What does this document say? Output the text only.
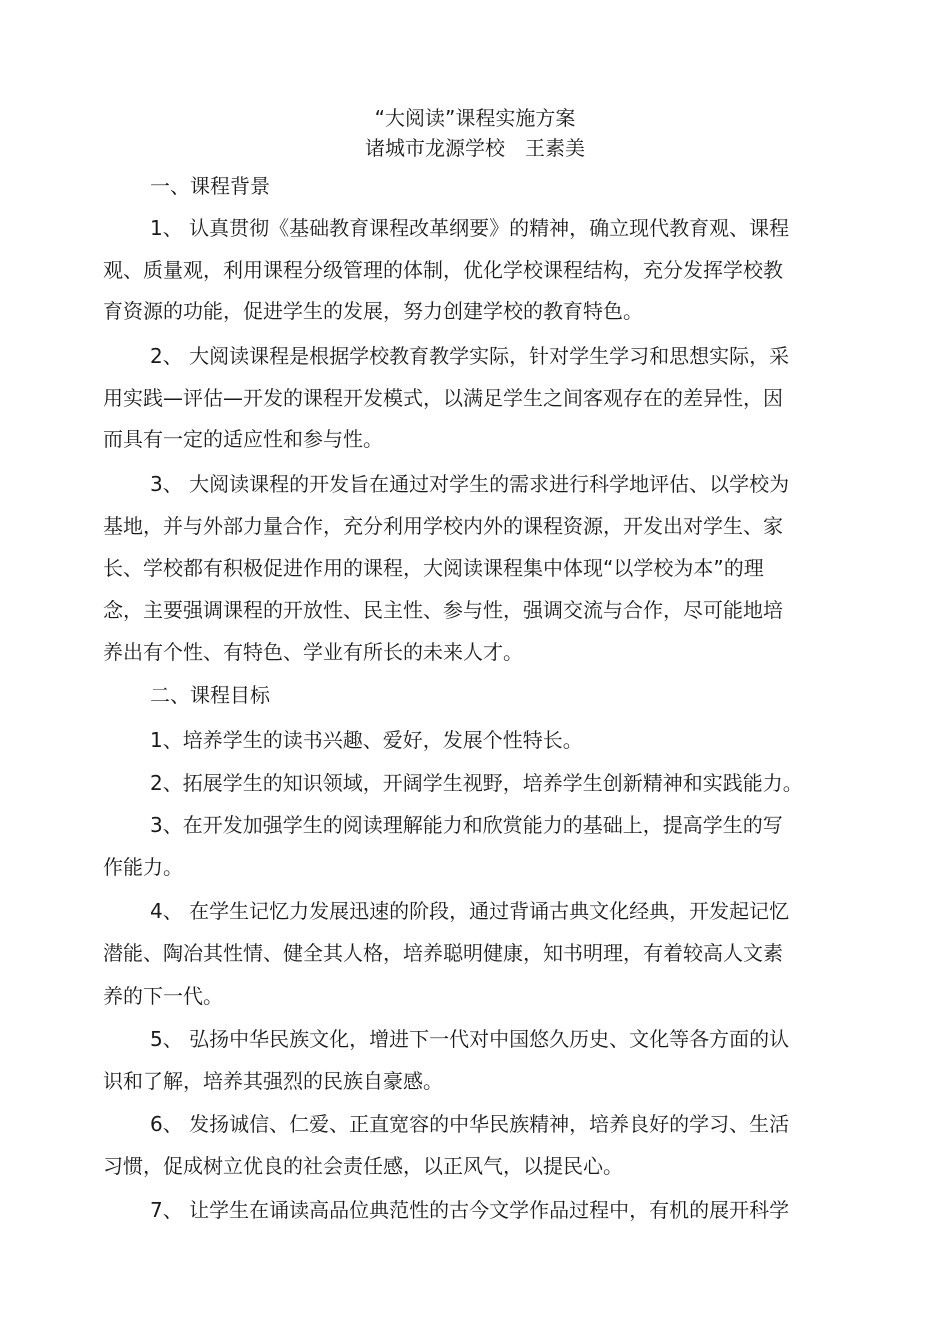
“大阅读”课程实施方案
诸城市龙源学校　王素美
一、课程背景
1、 认真贯彻《基础教育课程改革纲要》的精神，确立现代教育观、课程
观、质量观，利用课程分级管理的体制，优化学校课程结构，充分发挥学校教
育资源的功能，促进学生的发展，努力创建学校的教育特色。
2、 大阅读课程是根据学校教育教学实际，针对学生学习和思想实际，采
用实践—评估—开发的课程开发模式，以满足学生之间客观存在的差异性，因
而具有一定的适应性和参与性。
3、 大阅读课程的开发旨在通过对学生的需求进行科学地评估、以学校为
基地，并与外部力量合作，充分利用学校内外的课程资源，开发出对学生、家
长、学校都有积极促进作用的课程，大阅读课程集中体现“以学校为本”的理
念，主要强调课程的开放性、民主性、参与性，强调交流与合作，尽可能地培
养出有个性、有特色、学业有所长的未来人才。
二、课程目标
1、培养学生的读书兴趣、爱好，发展个性特长。
2、拓展学生的知识领域，开阔学生视野，培养学生创新精神和实践能力。
3、在开发加强学生的阅读理解能力和欣赏能力的基础上，提高学生的写
作能力。
4、 在学生记忆力发展迅速的阶段，通过背诵古典文化经典，开发起记忆
潜能、陶冶其性情、健全其人格，培养聪明健康，知书明理，有着较高人文素
养的下一代。
5、 弘扬中华民族文化，增进下一代对中国悠久历史、文化等各方面的认
识和了解，培养其强烈的民族自豪感。
6、 发扬诚信、仁爱、正直宽容的中华民族精神，培养良好的学习、生活
习惯，促成树立优良的社会责任感，以正风气，以提民心。
7、 让学生在诵读高品位典范性的古今文学作品过程中，有机的展开科学
